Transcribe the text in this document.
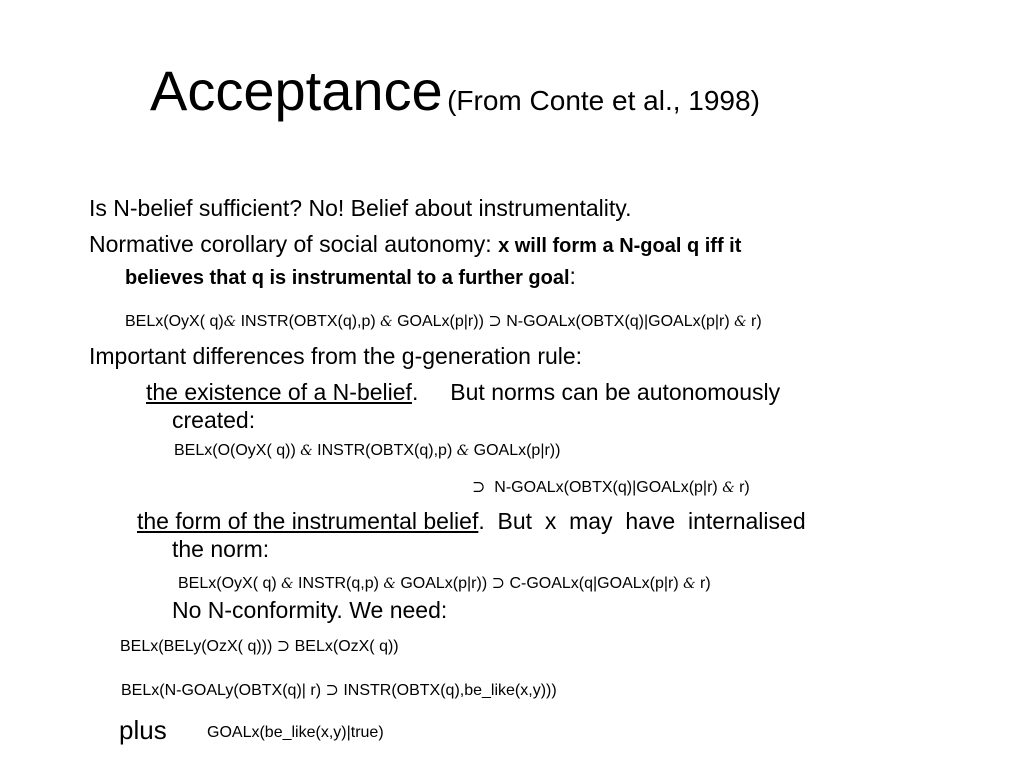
Acceptance (From Conte et al., 1998)
Is N-belief sufficient? No! Belief about instrumentality.
Normative corollary of social autonomy: x will form a N-goal q iff it
believes that q is instrumental to a further goal:
BELx(OyX( q)& INSTR(OBTX(q),p) & GOALx(p|r)) ⊃ N-GOALx(OBTX(q)|GOALx(p|r) & r)
Important differences from the g-generation rule:
the existence of a N-belief.     But norms can be autonomously
created:
BELx(O(OyX( q)) & INSTR(OBTX(q),p) & GOALx(p|r))
⊃  N-GOALx(OBTX(q)|GOALx(p|r) & r)
the form of the instrumental belief.  But  x  may  have  internalised
the norm:
BELx(OyX( q) & INSTR(q,p) & GOALx(p|r)) ⊃ C-GOALx(q|GOALx(p|r) & r)
No N-conformity. We need:
BELx(BELy(OzX( q))) ⊃ BELx(OzX( q))
BELx(N-GOALy(OBTX(q)| r) ⊃ INSTR(OBTX(q),be_like(x,y)))
plus	GOALx(be_like(x,y)|true)
